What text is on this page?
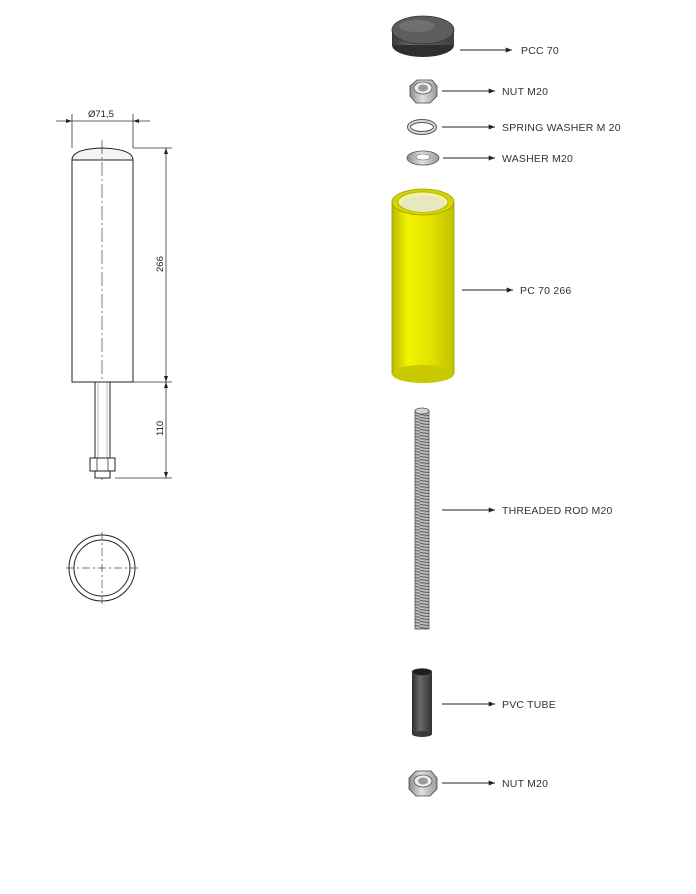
Ø71,5
266
110
PCC 70
NUT M20
SPRING WASHER M 20
WASHER M20
PC 70 266
THREADED ROD M20
PVC TUBE
NUT M20
